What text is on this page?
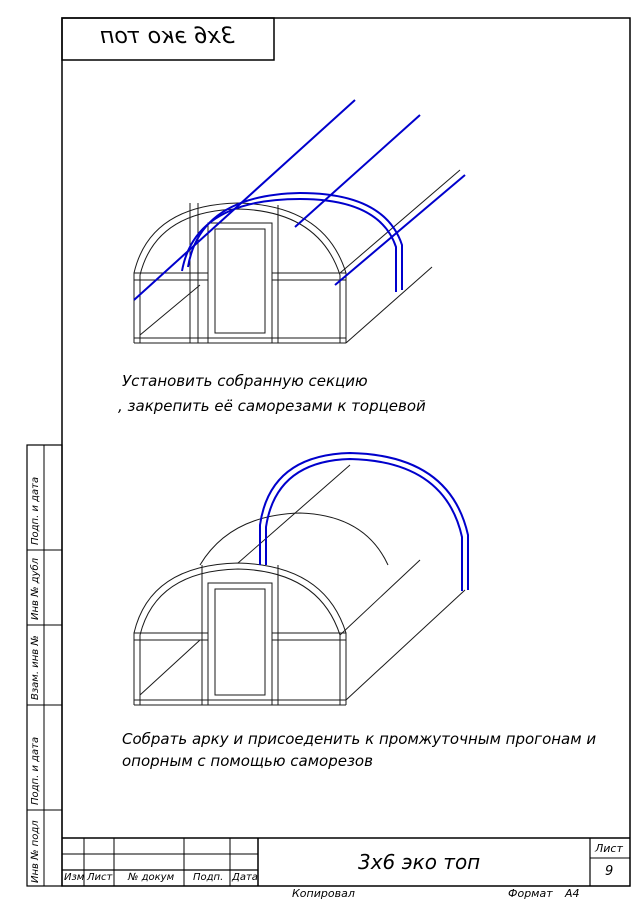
3х6 эко топ
Установить собранную секцию
, закрепить её саморезами к торцевой
Собрать арку и присоеденить к промжуточным прогонам и
опорным с помощью саморезов
Подп. и дата
Инв № дубл
Взам. инв №
Подп. и дата
Инв № подл Изм Лист № докум Подп. Дата
3х6 эко топ
Лист
9
Копировал	Формат А4
